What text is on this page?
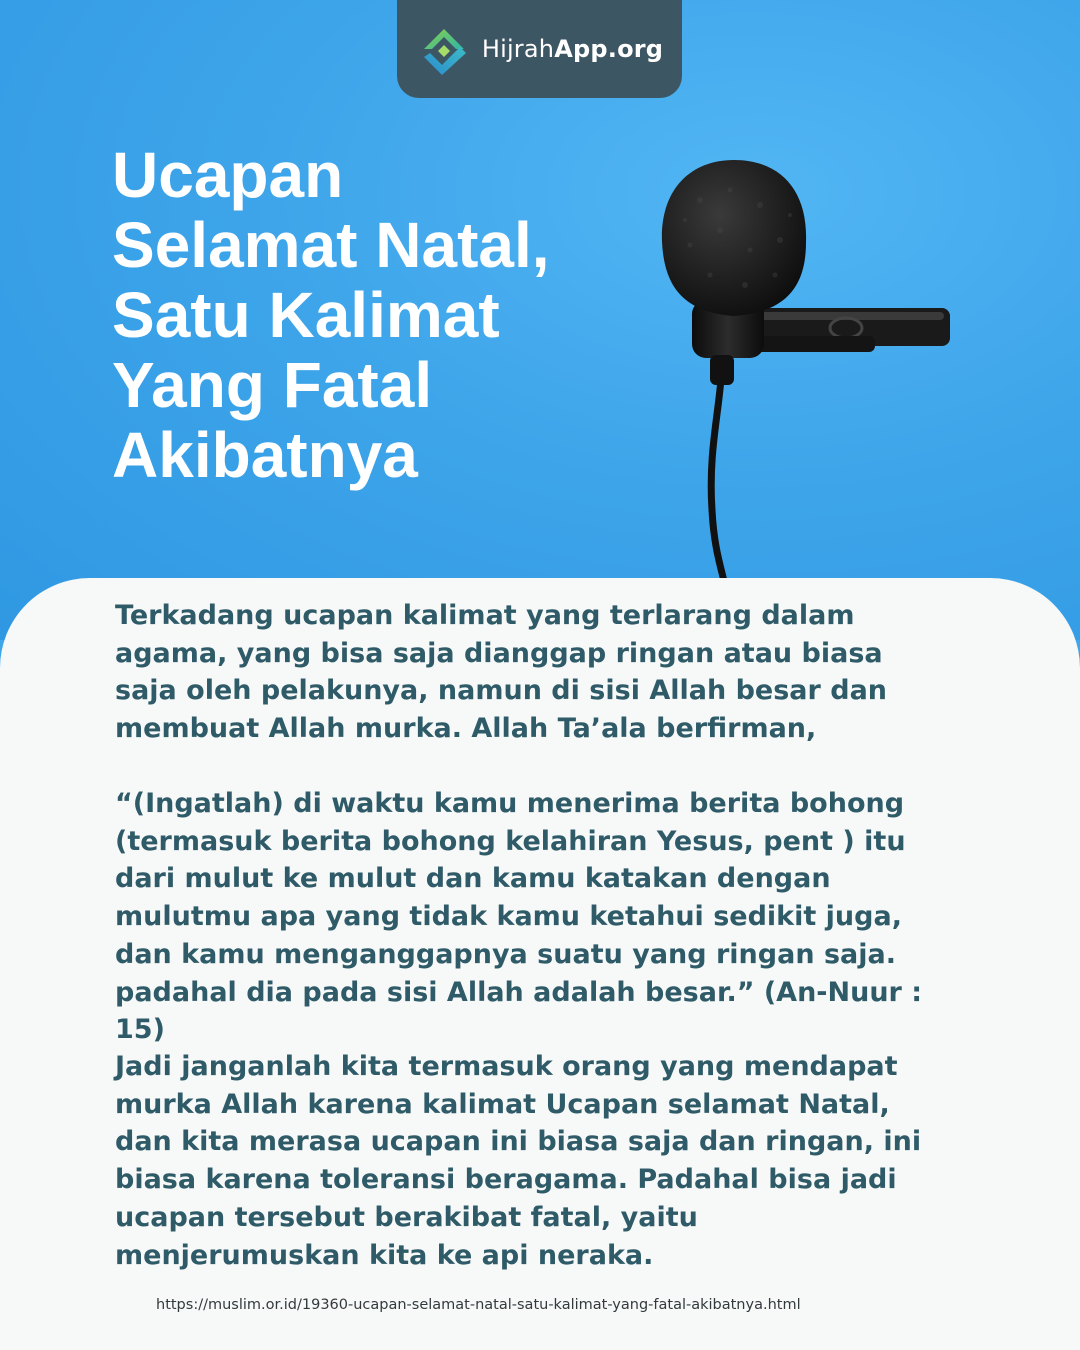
HijrahApp.org
Ucapan
Selamat Natal,
Satu Kalimat
Yang Fatal
Akibatnya

Terkadang ucapan kalimat yang terlarang dalam agama, yang bisa saja dianggap ringan atau biasa saja oleh pelakunya, namun di sisi Allah besar dan membuat Allah murka. Allah Ta’ala berfirman,

“(Ingatlah) di waktu kamu menerima berita bohong (termasuk berita bohong kelahiran Yesus, pent ) itu dari mulut ke mulut dan kamu katakan dengan mulutmu apa yang tidak kamu ketahui sedikit juga, dan kamu menganggapnya suatu yang ringan saja. padahal dia pada sisi Allah adalah besar.” (An-Nuur : 15)

Jadi janganlah kita termasuk orang yang mendapat murka Allah karena kalimat Ucapan selamat Natal, dan kita merasa ucapan ini biasa saja dan ringan, ini biasa karena toleransi beragama. Padahal bisa jadi ucapan tersebut berakibat fatal, yaitu menjerumuskan kita ke api neraka.

https://muslim.or.id/19360-ucapan-selamat-natal-satu-kalimat-yang-fatal-akibatnya.html
